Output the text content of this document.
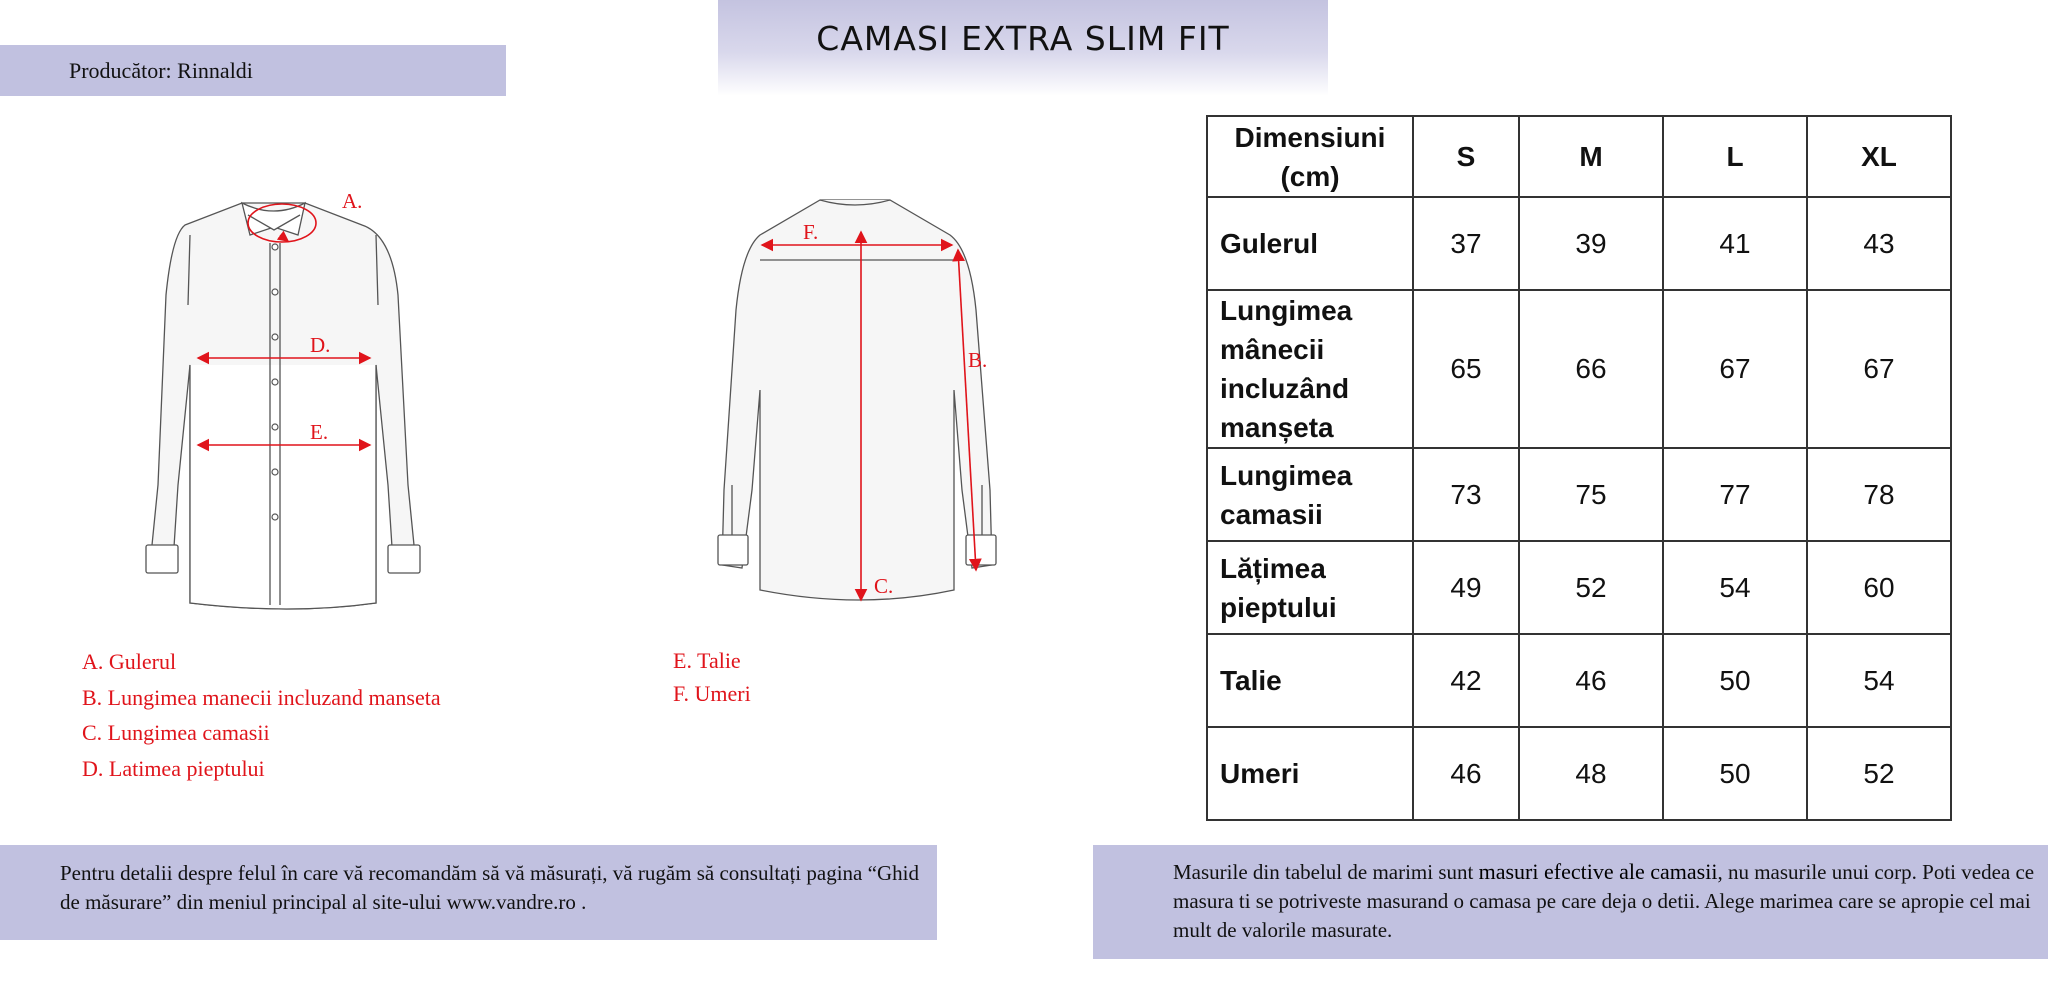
CAMASI EXTRA SLIM FIT
Producător: Rinnaldi
A.
D.
E.
F.
B.
C.
A. Gulerul
B. Lungimea manecii incluzand manseta
C. Lungimea camasii
D. Latimea pieptului
E. Talie
F. Umeri
Dimensiuni (cm)	S	M	L	XL
Gulerul	37	39	41	43
Lungimea mânecii incluzând manșeta	65	66	67	67
Lungimea camasii	73	75	77	78
Lățimea pieptului	49	52	54	60
Talie	42	46	50	54
Umeri	46	48	50	52
Pentru detalii despre felul în care vă recomandăm să vă măsurați, vă rugăm să consultați pagina “Ghid de măsurare” din meniul principal al site-ului www.vandre.ro .
Masurile din tabelul de marimi sunt masuri efective ale camasii, nu masurile unui corp. Poti vedea ce masura ti se potriveste masurand o camasa pe care deja o detii. Alege marimea care se apropie cel mai mult de valorile masurate.
